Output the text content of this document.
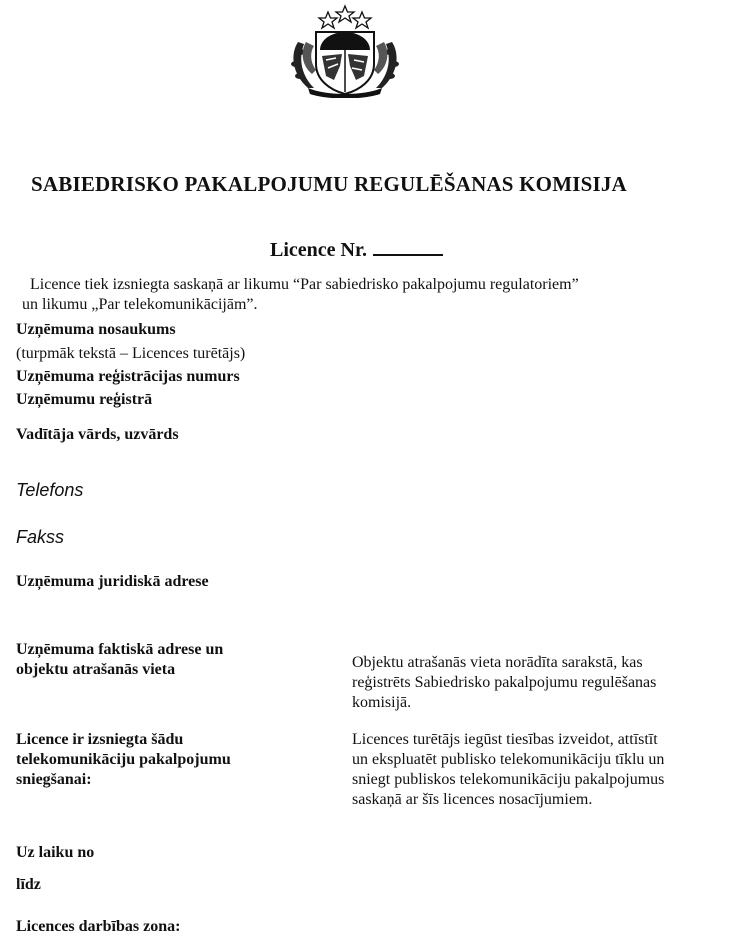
SABIEDRISKO PAKALPOJUMU REGULĒŠANAS KOMISIJA
Licence Nr.
Licence tiek izsniegta saskaņā ar likumu “Par sabiedrisko pakalpojumu regulatoriem”
un likumu „Par telekomunikācijām”.
Uzņēmuma nosaukums
(turpmāk tekstā – Licences turētājs)
Uzņēmuma reģistrācijas numurs
Uzņēmumu reģistrā
Vadītāja vārds, uzvārds
Telefons
Fakss
Uzņēmuma juridiskā adrese
Uzņēmuma faktiskā adrese un
objektu atrašanās vieta	Objektu atrašanās vieta norādīta sarakstā, kas
reģistrēts Sabiedrisko pakalpojumu regulēšanas
komisijā.
Licence ir izsniegta šādu
telekomunikāciju pakalpojumu
sniegšanai:
Licences turētājs iegūst tiesības izveidot, attīstīt
un ekspluatēt publisko telekomunikāciju tīklu un
sniegt publiskos telekomunikāciju pakalpojumus
saskaņā ar šīs licences nosacījumiem.
Uz laiku no
līdz
Licences darbības zona:
